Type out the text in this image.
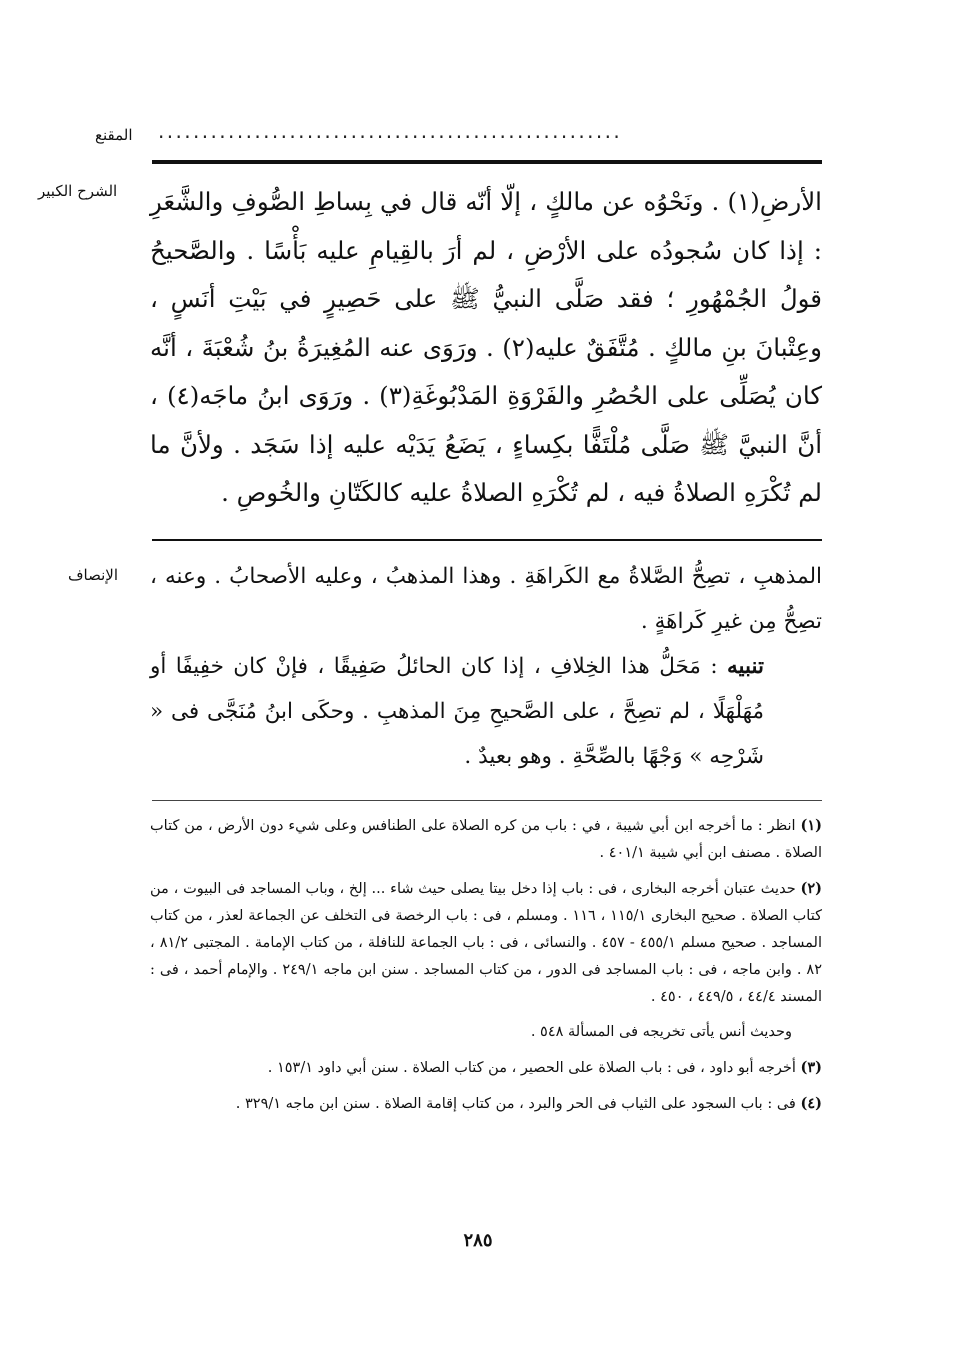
المقنع .....................................................
الشرح الكبير الأرضِ(١) . ونَحْوُه عن مالكٍ ، إلّا أنّه قال في بِساطِ الصُّوفِ والشَّعَرِ : إذا كان سُجودُه على الأرْضِ ، لم أرَ بالقِيامِ عليه بَأْسًا . والصَّحيحُ قولُ الجُمْهُورِ ؛ فقد صَلَّى النبيُّ ﷺ على حَصِيرٍ في بَيْتِ أنَسٍ ، وعِتْبانَ بنِ مالكٍ . مُتَّفَقٌ عليه(٢) . ورَوَى عنه المُغِيرَةُ بنُ شُعْبَةَ ، أنَّه كان يُصَلِّى على الحُصُرِ والفَرْوَةِ المَدْبُوغَةِ(٣) . ورَوَى ابنُ ماجَه(٤) ، أنَّ النبيَّ ﷺ صَلَّى مُلْتَفًّا بكِساءٍ ، يَضَعُ يَدَيْه عليه إذا سَجَد . ولأنَّ ما لم تُكْرَهِ الصلاةُ فيه ، لم تُكْرَهِ الصلاةُ عليه كالكَتّانِ والخُوصِ .

الإنصاف المذهبِ ، تصِحُّ الصَّلاةُ مع الكَراهَةِ . وهذا المذهبُ ، وعليه الأصحابُ . وعنه ، تصِحُّ مِن غيرِ كَراهَةٍ .

تنبيه : مَحَلُّ هذا الخِلافِ ، إذا كان الحائلُ صَفِيقًا ، فإنْ كان خفِيفًا أو مُهَلْهَلًا ، لم تصِحَّ ، على الصَّحيحِ مِنَ المذهبِ . وحكَى ابنُ مُنَجَّى فى « شَرْحِه » وَجْهًا بالصِّحَّةِ . وهو بعيدٌ .

(١) انظر : ما أخرجه ابن أبي شيبة ، في : باب من كره الصلاة على الطنافس وعلى شيء دون الأرض ، من كتاب الصلاة . مصنف ابن أبي شيبة ٤٠١/١ .

(٢) حديث عتبان أخرجه البخارى ، فى : باب إذا دخل بيتا يصلى حيث شاء ... إلخ ، وباب المساجد فى البيوت ، من كتاب الصلاة . صحيح البخارى ١١٥/١ ، ١١٦ . ومسلم ، فى : باب الرخصة فى التخلف عن الجماعة لعذر ، من كتاب المساجد . صحيح مسلم ٤٥٥/١ - ٤٥٧ . والنسائى ، فى : باب الجماعة للنافلة ، من كتاب الإمامة . المجتبى ٨١/٢ ، ٨٢ . وابن ماجه ، فى : باب المساجد فى الدور ، من كتاب المساجد . سنن ابن ماجه ٢٤٩/١ . والإمام أحمد ، فى : المسند ٤٤/٤ ، ٤٤٩/٥ ، ٤٥٠ .

وحديث أنس يأتى تخريجه فى المسألة ٥٤٨ .

(٣) أخرجه أبو داود ، فى : باب الصلاة على الحصير ، من كتاب الصلاة . سنن أبي داود ١٥٣/١ .

(٤) فى : باب السجود على الثياب فى الحر والبرد ، من كتاب إقامة الصلاة . سنن ابن ماجه ٣٢٩/١ .

٢٨٥
